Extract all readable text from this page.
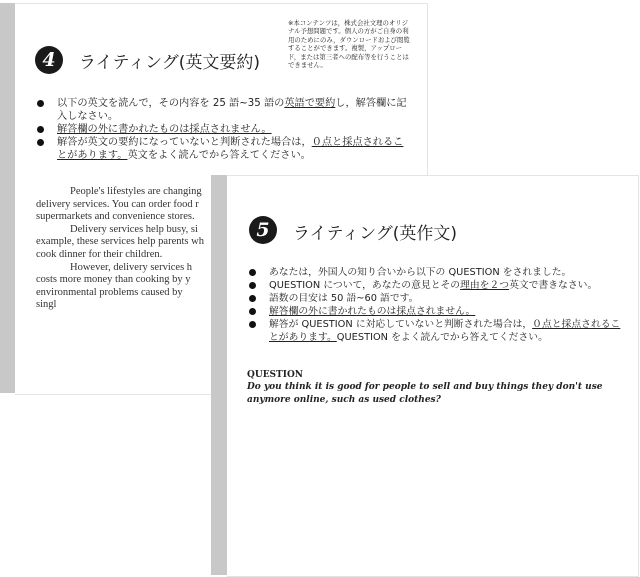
4	ライティング(英文要約)
※本コンテンツは，株式会社文理のオリジナル予想問題です。個人の方がご自身の利用のためにのみ，ダウンロードおよび閲覧することができます。複製，アップロード，または第三者への配布等を行うことはできません。
以下の英文を読んで，その内容を 25 語~35 語の英語で要約し，解答欄に記入しなさい。
解答欄の外に書かれたものは採点されません。
解答が英文の要約になっていないと判断された場合は，０点と採点されることがあります。英文をよく読んでから答えてください。
People's lifestyles are changing
delivery services. You can order food r
supermarkets and convenience stores.
Delivery services help busy, si
example, these services help parents wh
cook dinner for their children.
However, delivery services h
costs more money than cooking by y
environmental problems caused by singl
5	ライティング(英作文)
あなたは，外国人の知り合いから以下の QUESTION をされました。
QUESTION について，あなたの意見とその理由を２つ英文で書きなさい。
語数の目安は 50 語~60 語です。
解答欄の外に書かれたものは採点されません。
解答が QUESTION に対応していないと判断された場合は，０点と採点されることがあります。QUESTION をよく読んでから答えてください。
QUESTION
Do you think it is good for people to sell and buy things they don't use anymore online, such as used clothes?
